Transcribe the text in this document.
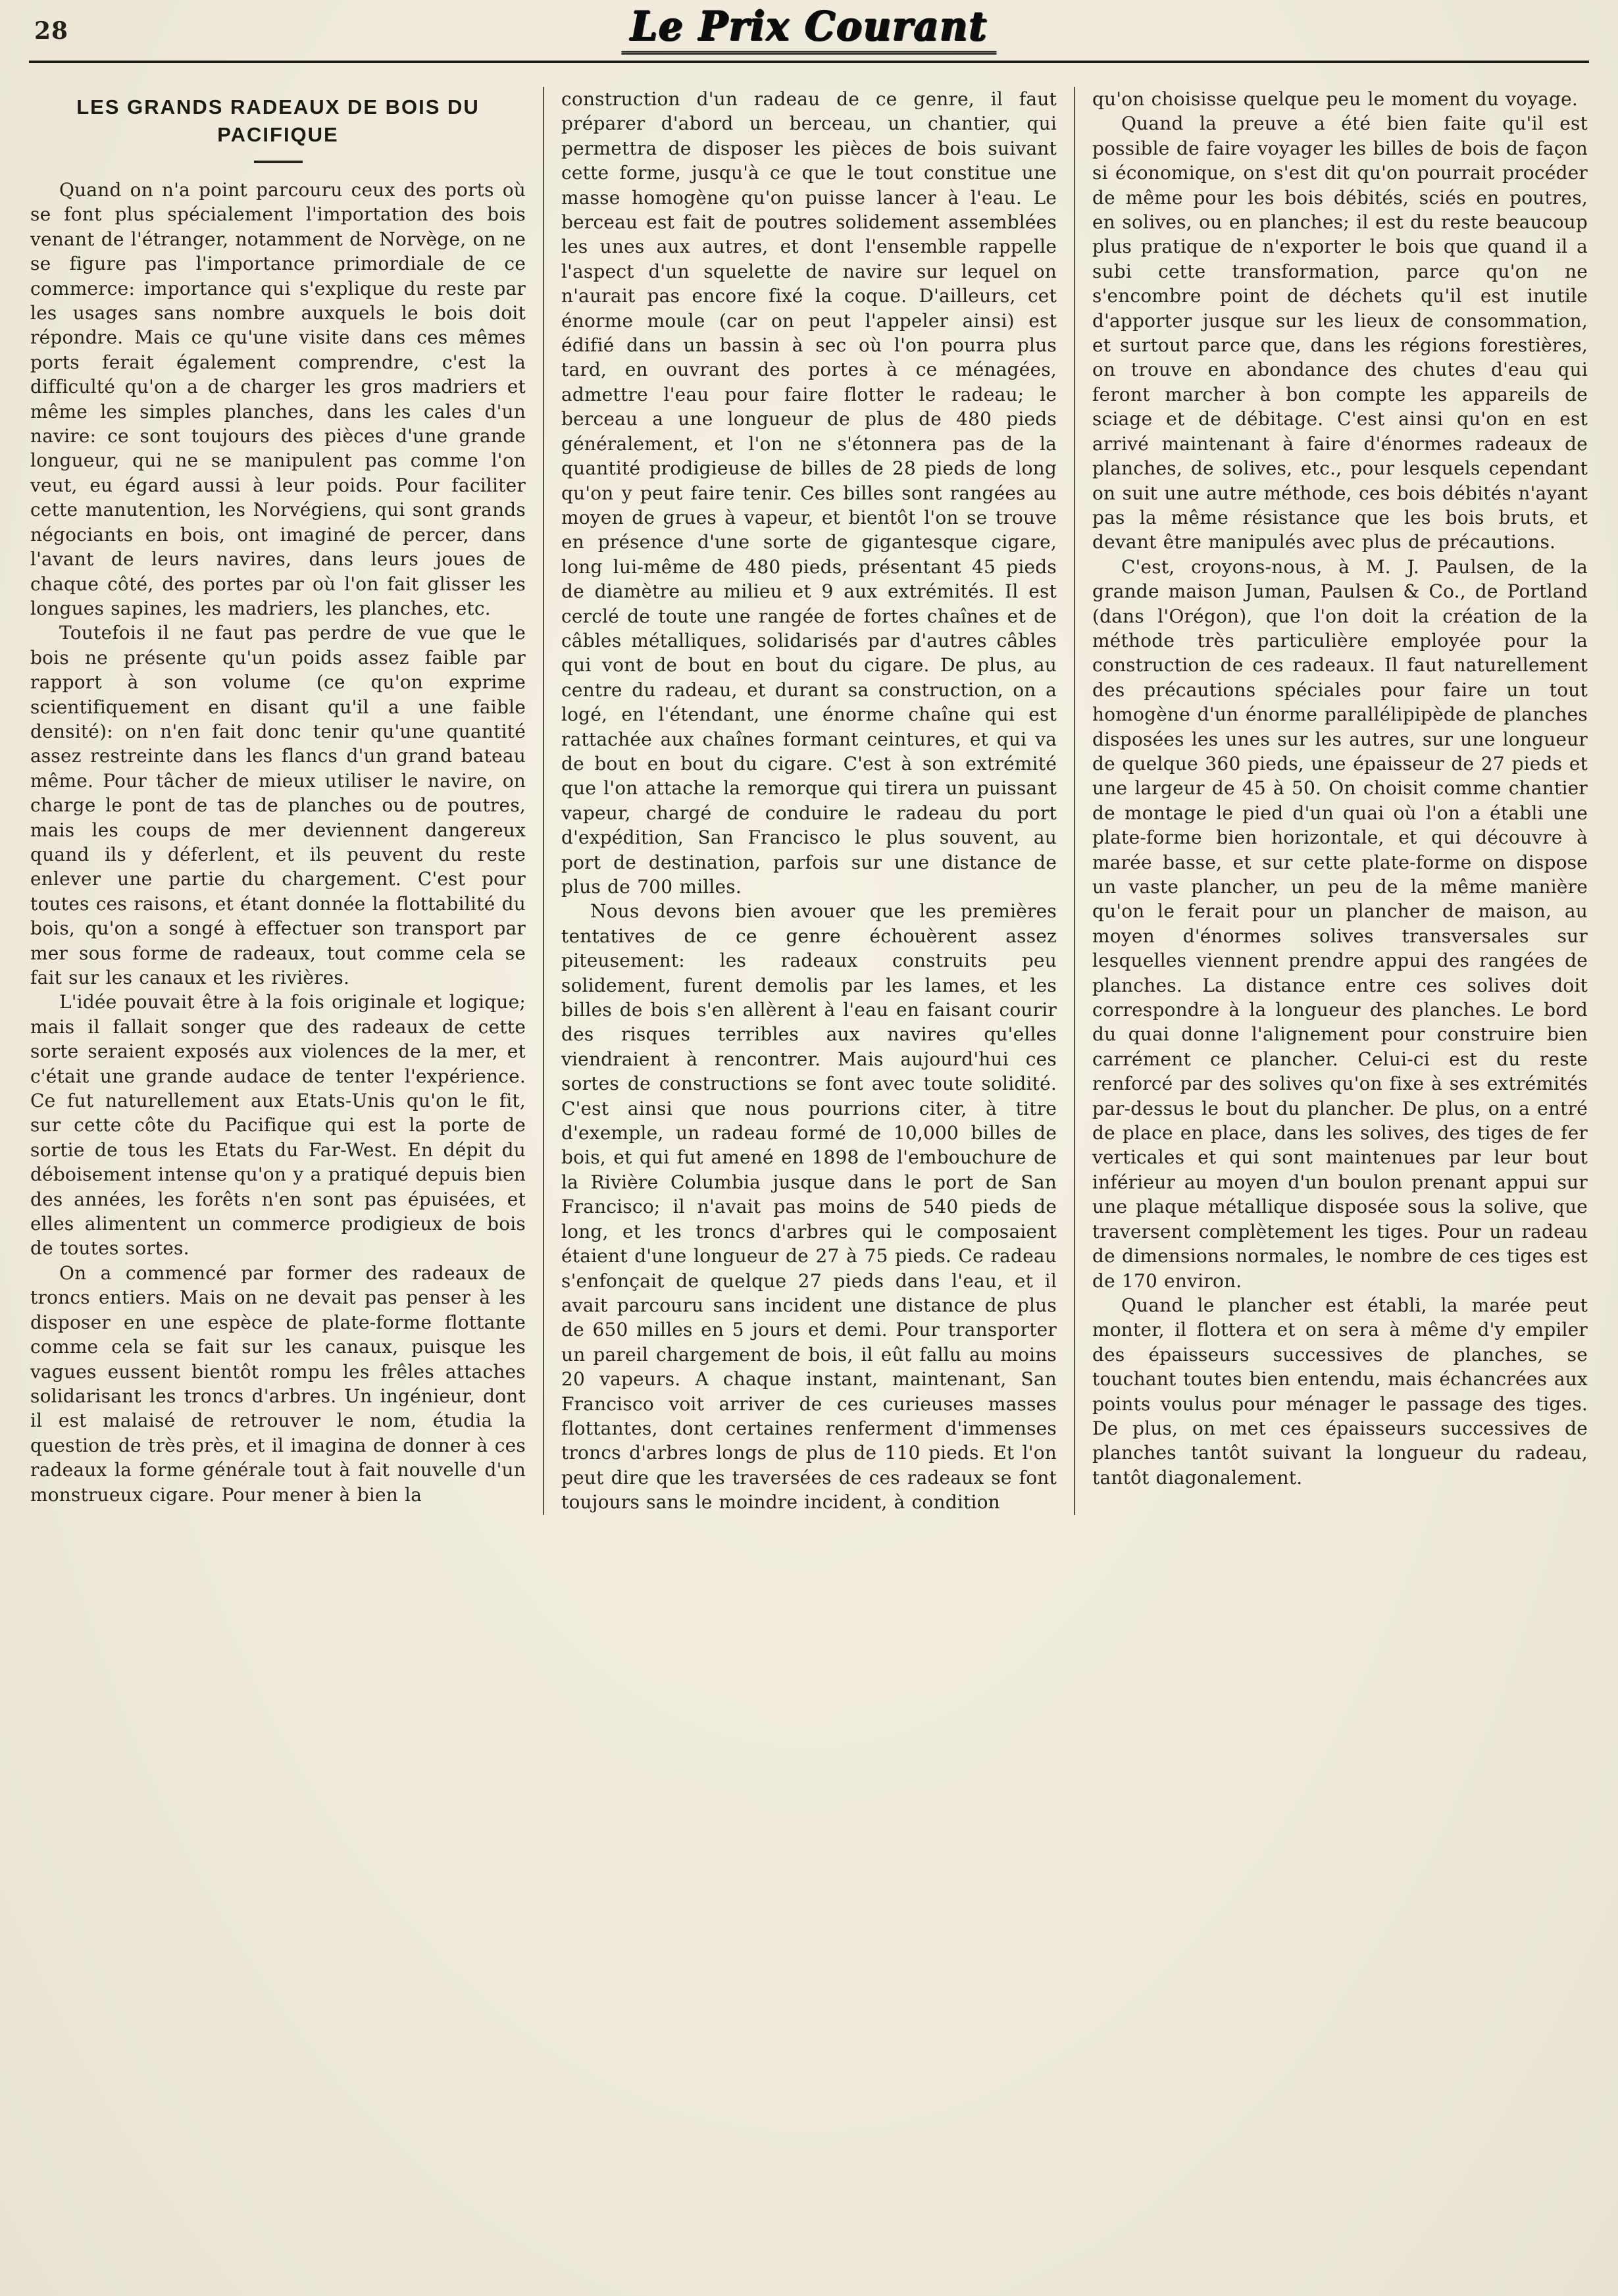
28	Le Prix Courant
LES GRANDS RADEAUX DE BOIS DU PACIFIQUE

Quand on n'a point parcouru ceux des ports où se font plus spécialement l'importation des bois venant de l'étranger, notamment de Norvège, on ne se figure pas l'importance primordiale de ce commerce: importance qui s'explique du reste par les usages sans nombre auxquels le bois doit répondre. Mais ce qu'une visite dans ces mêmes ports ferait également comprendre, c'est la difficulté qu'on a de charger les gros madriers et même les simples planches, dans les cales d'un navire: ce sont toujours des pièces d'une grande longueur, qui ne se manipulent pas comme l'on veut, eu égard aussi à leur poids. Pour faciliter cette manutention, les Norvégiens, qui sont grands négociants en bois, ont imaginé de percer, dans l'avant de leurs navires, dans leurs joues de chaque côté, des portes par où l'on fait glisser les longues sapines, les madriers, les planches, etc.

Toutefois il ne faut pas perdre de vue que le bois ne présente qu'un poids assez faible par rapport à son volume (ce qu'on exprime scientifiquement en disant qu'il a une faible densité): on n'en fait donc tenir qu'une quantité assez restreinte dans les flancs d'un grand bateau même. Pour tâcher de mieux utiliser le navire, on charge le pont de tas de planches ou de poutres, mais les coups de mer deviennent dangereux quand ils y déferlent, et ils peuvent du reste enlever une partie du chargement. C'est pour toutes ces raisons, et étant donnée la flottabilité du bois, qu'on a songé à effectuer son transport par mer sous forme de radeaux, tout comme cela se fait sur les canaux et les rivières.

L'idée pouvait être à la fois originale et logique; mais il fallait songer que des radeaux de cette sorte seraient exposés aux violences de la mer, et c'était une grande audace de tenter l'expérience. Ce fut naturellement aux Etats-Unis qu'on le fit, sur cette côte du Pacifique qui est la porte de sortie de tous les Etats du Far-West. En dépit du déboisement intense qu'on y a pratiqué depuis bien des années, les forêts n'en sont pas épuisées, et elles alimentent un commerce prodigieux de bois de toutes sortes.

On a commencé par former des radeaux de troncs entiers. Mais on ne devait pas penser à les disposer en une espèce de plate-forme flottante comme cela se fait sur les canaux, puisque les vagues eussent bientôt rompu les frêles attaches solidarisant les troncs d'arbres. Un ingénieur, dont il est malaisé de retrouver le nom, étudia la question de très près, et il imagina de donner à ces radeaux la forme générale tout à fait nouvelle d'un monstrueux cigare. Pour mener à bien la

construction d'un radeau de ce genre, il faut préparer d'abord un berceau, un chantier, qui permettra de disposer les pièces de bois suivant cette forme, jusqu'à ce que le tout constitue une masse homogène qu'on puisse lancer à l'eau. Le berceau est fait de poutres solidement assemblées les unes aux autres, et dont l'ensemble rappelle l'aspect d'un squelette de navire sur lequel on n'aurait pas encore fixé la coque. D'ailleurs, cet énorme moule (car on peut l'appeler ainsi) est édifié dans un bassin à sec où l'on pourra plus tard, en ouvrant des portes à ce ménagées, admettre l'eau pour faire flotter le radeau; le berceau a une longueur de plus de 480 pieds généralement, et l'on ne s'étonnera pas de la quantité prodigieuse de billes de 28 pieds de long qu'on y peut faire tenir. Ces billes sont rangées au moyen de grues à vapeur, et bientôt l'on se trouve en présence d'une sorte de gigantesque cigare, long lui-même de 480 pieds, présentant 45 pieds de diamètre au milieu et 9 aux extrémités. Il est cerclé de toute une rangée de fortes chaînes et de câbles métalliques, solidarisés par d'autres câbles qui vont de bout en bout du cigare. De plus, au centre du radeau, et durant sa construction, on a logé, en l'étendant, une énorme chaîne qui est rattachée aux chaînes formant ceintures, et qui va de bout en bout du cigare. C'est à son extrémité que l'on attache la remorque qui tirera un puissant vapeur, chargé de conduire le radeau du port d'expédition, San Francisco le plus souvent, au port de destination, parfois sur une distance de plus de 700 milles.

Nous devons bien avouer que les premières tentatives de ce genre échouèrent assez piteusement: les radeaux construits peu solidement, furent demolis par les lames, et les billes de bois s'en allèrent à l'eau en faisant courir des risques terribles aux navires qu'elles viendraient à rencontrer. Mais aujourd'hui ces sortes de constructions se font avec toute solidité. C'est ainsi que nous pourrions citer, à titre d'exemple, un radeau formé de 10,000 billes de bois, et qui fut amené en 1898 de l'embouchure de la Rivière Columbia jusque dans le port de San Francisco; il n'avait pas moins de 540 pieds de long, et les troncs d'arbres qui le composaient étaient d'une longueur de 27 à 75 pieds. Ce radeau s'enfonçait de quelque 27 pieds dans l'eau, et il avait parcouru sans incident une distance de plus de 650 milles en 5 jours et demi. Pour transporter un pareil chargement de bois, il eût fallu au moins 20 vapeurs. A chaque instant, maintenant, San Francisco voit arriver de ces curieuses masses flottantes, dont certaines renferment d'immenses troncs d'arbres longs de plus de 110 pieds. Et l'on peut dire que les traversées de ces radeaux se font toujours sans le moindre incident, à condition

qu'on choisisse quelque peu le moment du voyage.

Quand la preuve a été bien faite qu'il est possible de faire voyager les billes de bois de façon si économique, on s'est dit qu'on pourrait procéder de même pour les bois débités, sciés en poutres, en solives, ou en planches; il est du reste beaucoup plus pratique de n'exporter le bois que quand il a subi cette transformation, parce qu'on ne s'encombre point de déchets qu'il est inutile d'apporter jusque sur les lieux de consommation, et surtout parce que, dans les régions forestières, on trouve en abondance des chutes d'eau qui feront marcher à bon compte les appareils de sciage et de débitage. C'est ainsi qu'on en est arrivé maintenant à faire d'énormes radeaux de planches, de solives, etc., pour lesquels cependant on suit une autre méthode, ces bois débités n'ayant pas la même résistance que les bois bruts, et devant être manipulés avec plus de précautions.

C'est, croyons-nous, à M. J. Paulsen, de la grande maison Juman, Paulsen & Co., de Portland (dans l'Orégon), que l'on doit la création de la méthode très particulière employée pour la construction de ces radeaux. Il faut naturellement des précautions spéciales pour faire un tout homogène d'un énorme parallélipipède de planches disposées les unes sur les autres, sur une longueur de quelque 360 pieds, une épaisseur de 27 pieds et une largeur de 45 à 50. On choisit comme chantier de montage le pied d'un quai où l'on a établi une plate-forme bien horizontale, et qui découvre à marée basse, et sur cette plate-forme on dispose un vaste plancher, un peu de la même manière qu'on le ferait pour un plancher de maison, au moyen d'énormes solives transversales sur lesquelles viennent prendre appui des rangées de planches. La distance entre ces solives doit correspondre à la longueur des planches. Le bord du quai donne l'alignement pour construire bien carrément ce plancher. Celui-ci est du reste renforcé par des solives qu'on fixe à ses extrémités par-dessus le bout du plancher. De plus, on a entré de place en place, dans les solives, des tiges de fer verticales et qui sont maintenues par leur bout inférieur au moyen d'un boulon prenant appui sur une plaque métallique disposée sous la solive, que traversent complètement les tiges. Pour un radeau de dimensions normales, le nombre de ces tiges est de 170 environ.

Quand le plancher est établi, la marée peut monter, il flottera et on sera à même d'y empiler des épaisseurs successives de planches, se touchant toutes bien entendu, mais échancrées aux points voulus pour ménager le passage des tiges. De plus, on met ces épaisseurs successives de planches tantôt suivant la longueur du radeau, tantôt diagonalement.
